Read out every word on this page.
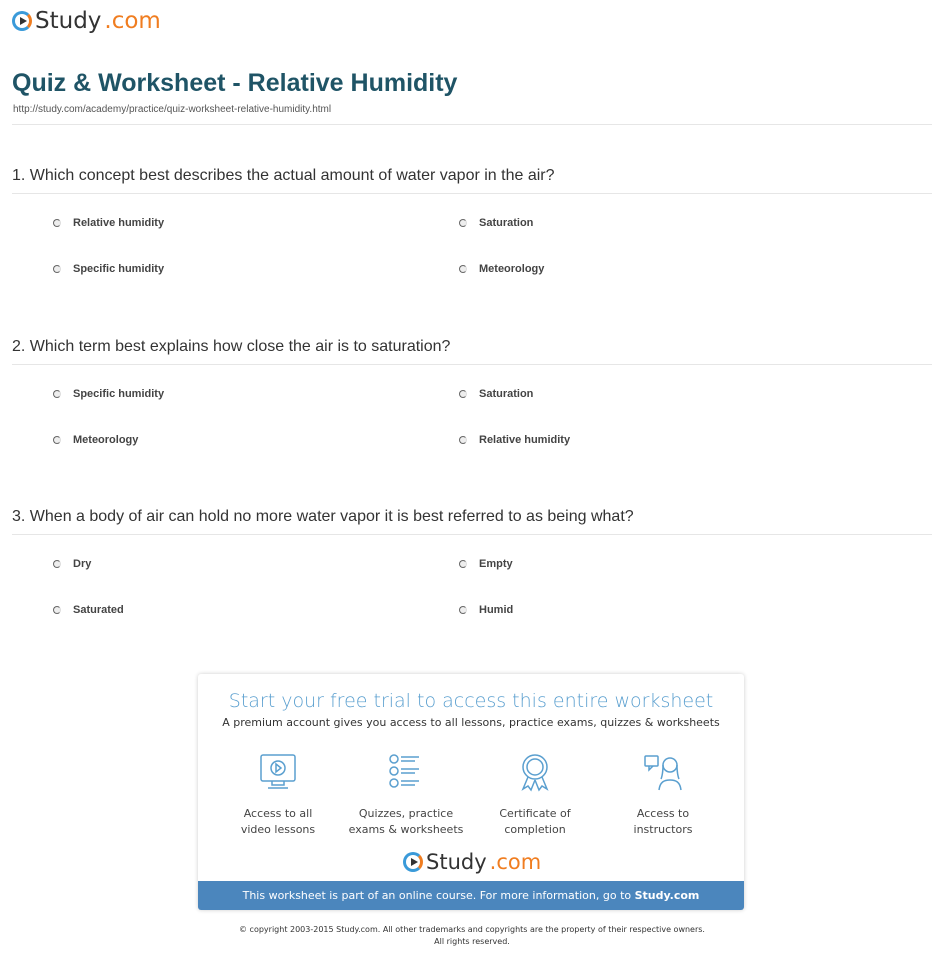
Study .com
Quiz & Worksheet - Relative Humidity
http://study.com/academy/practice/quiz-worksheet-relative-humidity.html
1. Which concept best describes the actual amount of water vapor in the air?
Relative humidity	Saturation
Specific humidity	Meteorology
2. Which term best explains how close the air is to saturation?
Specific humidity	Saturation
Meteorology	Relative humidity
3. When a body of air can hold no more water vapor it is best referred to as being what?
Dry	Empty
Saturated	Humid
Start your free trial to access this entire worksheet
A premium account gives you access to all lessons, practice exams, quizzes & worksheets
Access to all
video lessons
Quizzes, practice
exams & worksheets
Certificate of
completion
Access to
instructors
Study .com
This worksheet is part of an online course. For more information, go to Study.com
© copyright 2003-2015 Study.com. All other trademarks and copyrights are the property of their respective owners.
All rights reserved.
